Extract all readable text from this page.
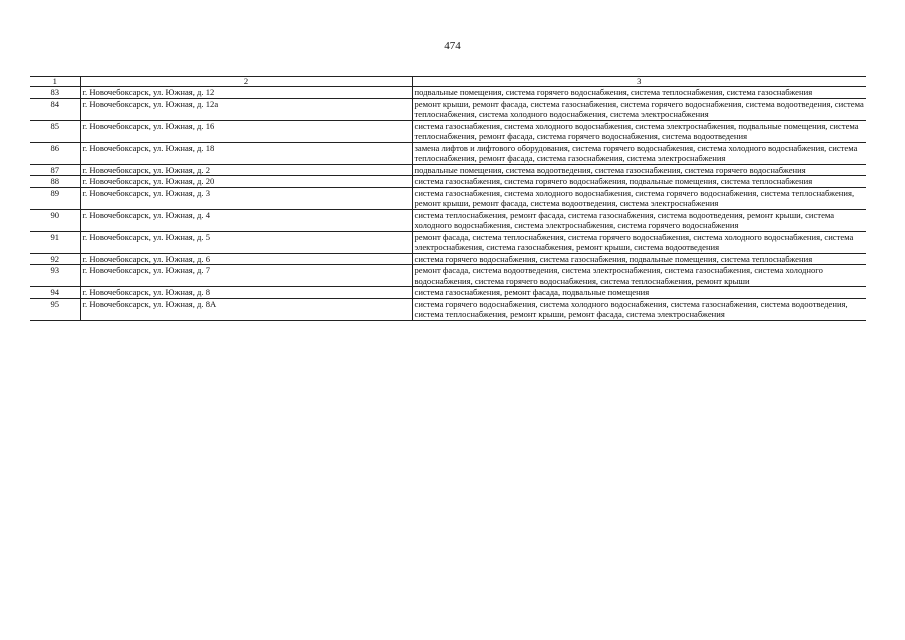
474
1	2	3
83	г. Новочебоксарск, ул. Южная, д. 12	подвальные помещения, система горячего водоснабжения, система теплоснабжения, система газоснабжения
84	г. Новочебоксарск, ул. Южная, д. 12а	ремонт крыши, ремонт фасада, система газоснабжения, система горячего водоснабжения, система водоотведения, система теплоснабжения, система холодного водоснабжения, система электроснабжения
85	г. Новочебоксарск, ул. Южная, д. 16	система газоснабжения, система холодного водоснабжения, система электроснабжения, подвальные помещения, система теплоснабжения, ремонт фасада, система горячего водоснабжения, система водоотведения
86	г. Новочебоксарск, ул. Южная, д. 18	замена лифтов и лифтового оборудования, система горячего водоснабжения, система холодного водоснабжения, система теплоснабжения, ремонт фасада, система газоснабжения, система электроснабжения
87	г. Новочебоксарск, ул. Южная, д. 2	подвальные помещения, система водоотведения, система газоснабжения, система горячего водоснабжения
88	г. Новочебоксарск, ул. Южная, д. 20	система газоснабжения, система горячего водоснабжения, подвальные помещения, система теплоснабжения
89	г. Новочебоксарск, ул. Южная, д. 3	система газоснабжения, система холодного водоснабжения, система горячего водоснабжения, система теплоснабжения, ремонт крыши, ремонт фасада, система водоотведения, система электроснабжения
90	г. Новочебоксарск, ул. Южная, д. 4	система теплоснабжения, ремонт фасада, система газоснабжения, система водоотведения, ремонт крыши, система холодного водоснабжения, система электроснабжения, система горячего водоснабжения
91	г. Новочебоксарск, ул. Южная, д. 5	ремонт фасада, система теплоснабжения, система горячего водоснабжения, система холодного водоснабжения, система электроснабжения, система газоснабжения, ремонт крыши, система водоотведения
92	г. Новочебоксарск, ул. Южная, д. 6	система горячего водоснабжения, система газоснабжения, подвальные помещения, система теплоснабжения
93	г. Новочебоксарск, ул. Южная, д. 7	ремонт фасада, система водоотведения, система электроснабжения, система газоснабжения, система холодного водоснабжения, система горячего водоснабжения, система теплоснабжения, ремонт крыши
94	г. Новочебоксарск, ул. Южная, д. 8	система газоснабжения, ремонт фасада, подвальные помещения
95	г. Новочебоксарск, ул. Южная, д. 8А	система горячего водоснабжения, система холодного водоснабжения, система газоснабжения, система водоотведения, система теплоснабжения, ремонт крыши, ремонт фасада, система электроснабжения
